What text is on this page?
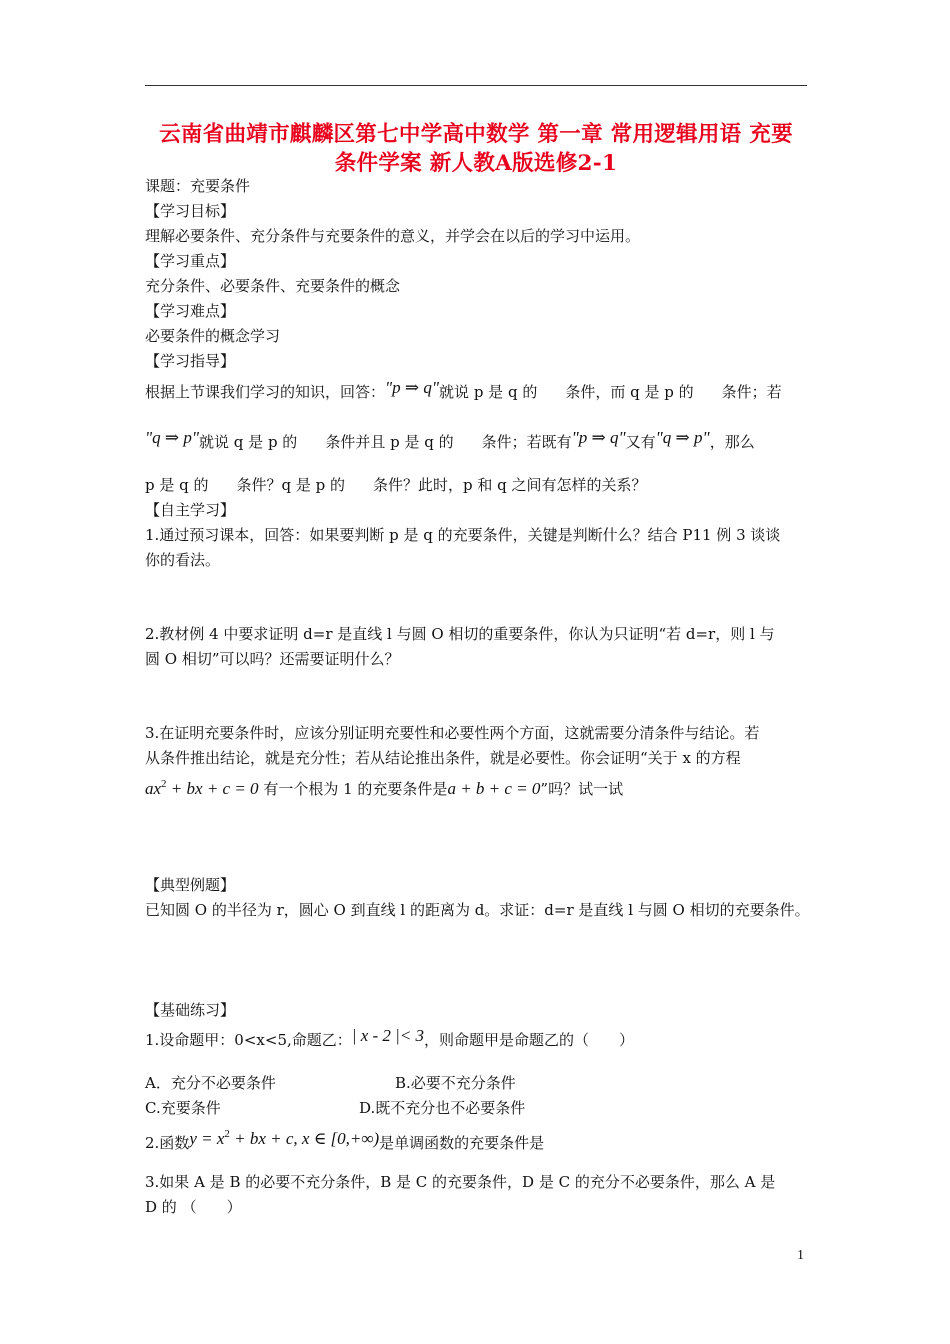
云南省曲靖市麒麟区第七中学高中数学 第一章 常用逻辑用语 充要
条件学案 新人教A版选修2-1
课题：充要条件
【学习目标】
理解必要条件、充分条件与充要条件的意义，并学会在以后的学习中运用。
【学习重点】
充分条件、必要条件、充要条件的概念
【学习难点】
必要条件的概念学习
【学习指导】
根据上节课我们学习的知识，回答："p ⇒ q"就说 p 是 q 的 条件，而 q 是 p 的 条件；若
"q ⇒ p"就说 q 是 p 的 条件并且 p 是 q 的 条件；若既有"p ⇒ q"又有"q ⇒ p"，那么
p 是 q 的 条件？q 是 p 的 条件？此时，p 和 q 之间有怎样的关系？
【自主学习】
1.通过预习课本，回答：如果要判断 p 是 q 的充要条件，关键是判断什么？结合 P11 例 3 谈谈
你的看法。
2.教材例 4 中要求证明 d=r 是直线 l 与圆 O 相切的重要条件，你认为只证明“若 d=r，则 l 与
圆 O 相切”可以吗？还需要证明什么？
3.在证明充要条件时，应该分别证明充要性和必要性两个方面，这就需要分清条件与结论。若
从条件推出结论，就是充分性；若从结论推出条件，就是必要性。你会证明“关于 x 的方程
$ax^2$ + bx + c = 0 有一个根为 1 的充要条件是a + b + c = 0”吗？试一试
【典型例题】
已知圆 O 的半径为 r，圆心 O 到直线 l 的距离为 d。求证：d=r 是直线 l 与圆 O 相切的充要条件。
【基础练习】
1.设命题甲：0<x<5,命题乙：| x - 2 |< 3，则命题甲是命题乙的（　　）
A．充分不必要条件	B.必要不充分条件
C.充要条件	D.既不充分也不必要条件
2.函数$y = x^2$ + bx + c, x ∈ [0,+∞)是单调函数的充要条件是
3.如果 A 是 B 的必要不充分条件，B 是 C 的充要条件，D 是 C 的充分不必要条件，那么 A 是
D 的 （　　）
1
